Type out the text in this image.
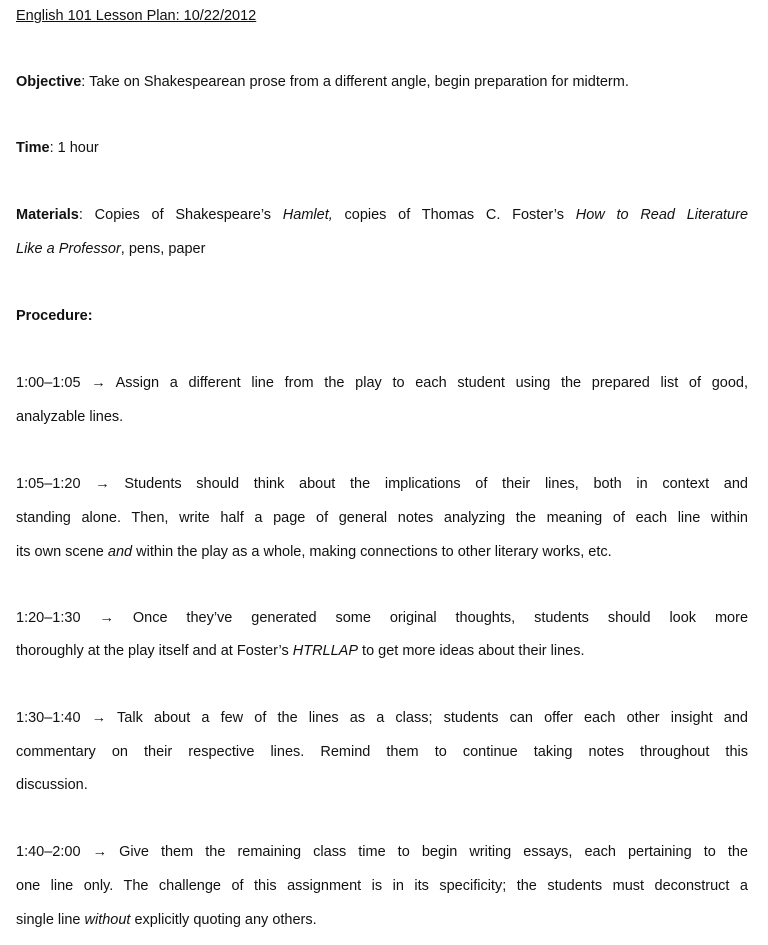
English 101 Lesson Plan: 10/22/2012
Objective: Take on Shakespearean prose from a different angle, begin preparation for midterm.
Time: 1 hour
Materials: Copies of Shakespeare’s Hamlet, copies of Thomas C. Foster’s How to Read Literature
Like a Professor, pens, paper
Procedure:
1:00–1:05 → Assign a different line from the play to each student using the prepared list of good,
analyzable lines.
1:05–1:20 → Students should think about the implications of their lines, both in context and
standing alone. Then, write half a page of general notes analyzing the meaning of each line within
its own scene and within the play as a whole, making connections to other literary works, etc.
1:20–1:30 → Once they’ve generated some original thoughts, students should look more
thoroughly at the play itself and at Foster’s HTRLLAP to get more ideas about their lines.
1:30–1:40 → Talk about a few of the lines as a class; students can offer each other insight and
commentary on their respective lines. Remind them to continue taking notes throughout this
discussion.
1:40–2:00 → Give them the remaining class time to begin writing essays, each pertaining to the
one line only. The challenge of this assignment is in its specificity; the students must deconstruct a
single line without explicitly quoting any others.
